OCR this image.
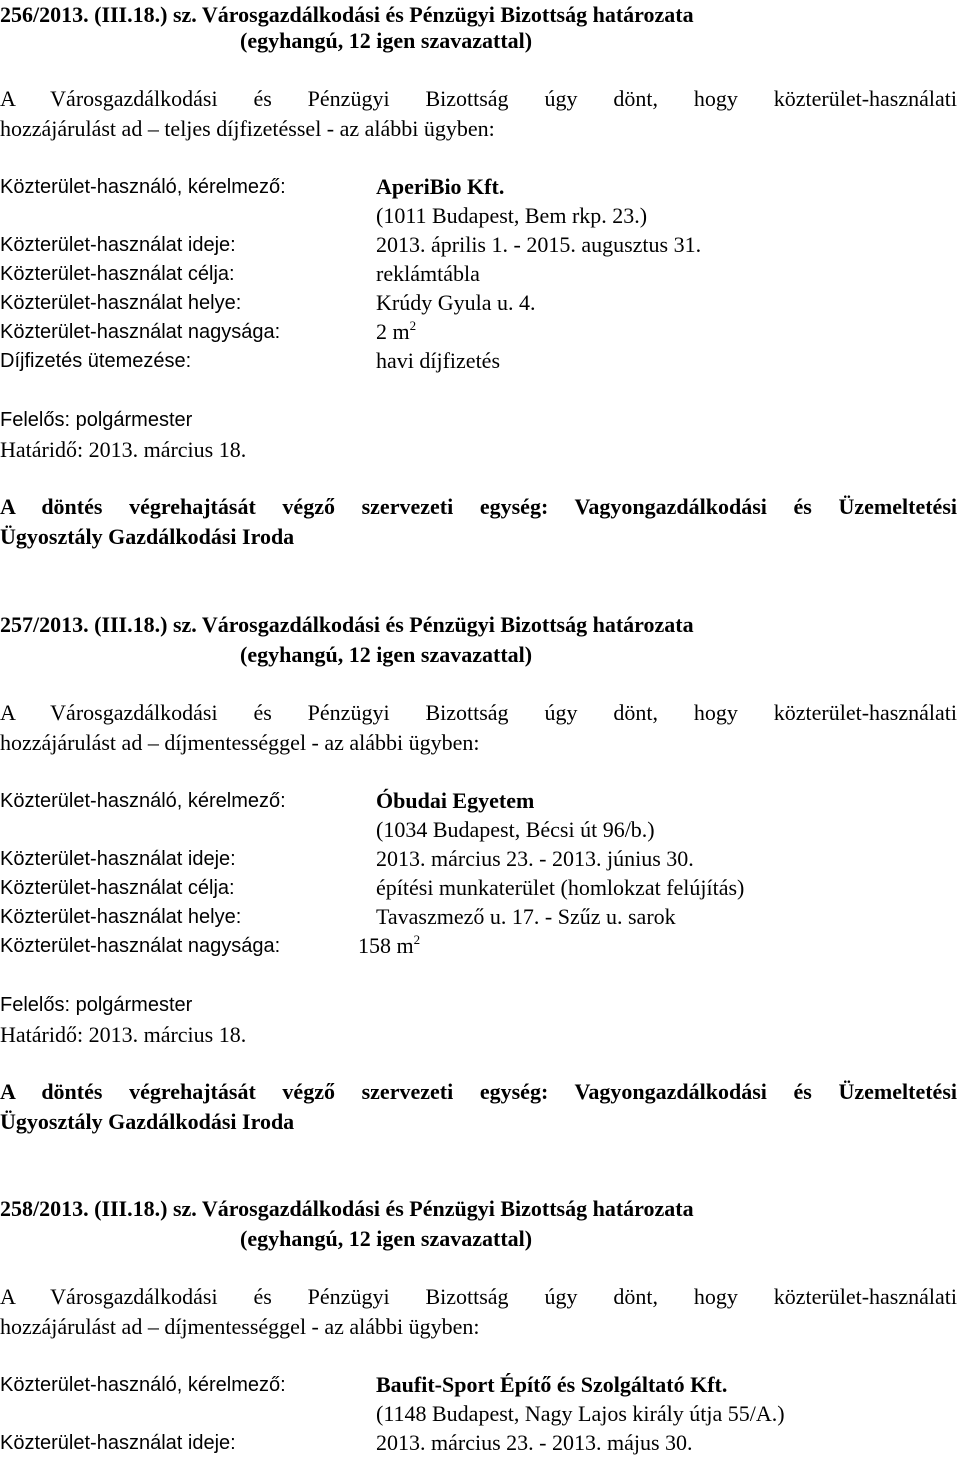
256/2013. (III.18.) sz. Városgazdálkodási és Pénzügyi Bizottság határozata
(egyhangú, 12 igen szavazattal)
A Városgazdálkodási és Pénzügyi Bizottság úgy dönt, hogy közterület-használati
hozzájárulást ad – teljes díjfizetéssel - az alábbi ügyben:
Közterület-használó, kérelmező:	AperiBio Kft.
(1011 Budapest, Bem rkp. 23.)
Közterület-használat ideje:	2013. április 1. - 2015. augusztus 31.
Közterület-használat célja:	reklámtábla
Közterület-használat helye:	Krúdy Gyula u. 4.
Közterület-használat nagysága:	2 $m^2$
Díjfizetés ütemezése:	havi díjfizetés
Felelős: polgármester
Határidő: 2013. március 18.
A döntés végrehajtását végző szervezeti egység: Vagyongazdálkodási és Üzemeltetési
Ügyosztály Gazdálkodási Iroda
257/2013. (III.18.) sz. Városgazdálkodási és Pénzügyi Bizottság határozata
(egyhangú, 12 igen szavazattal)
A Városgazdálkodási és Pénzügyi Bizottság úgy dönt, hogy közterület-használati
hozzájárulást ad – díjmentességgel - az alábbi ügyben:
Közterület-használó, kérelmező:	Óbudai Egyetem
(1034 Budapest, Bécsi út 96/b.)
Közterület-használat ideje:	2013. március 23. - 2013. június 30.
Közterület-használat célja:	építési munkaterület (homlokzat felújítás)
Közterület-használat helye:	Tavaszmező u. 17. - Szűz u. sarok
Közterület-használat nagysága:	158 $m^2$
Felelős: polgármester
Határidő: 2013. március 18.
A döntés végrehajtását végző szervezeti egység: Vagyongazdálkodási és Üzemeltetési
Ügyosztály Gazdálkodási Iroda
258/2013. (III.18.) sz. Városgazdálkodási és Pénzügyi Bizottság határozata
(egyhangú, 12 igen szavazattal)
A Városgazdálkodási és Pénzügyi Bizottság úgy dönt, hogy közterület-használati
hozzájárulást ad – díjmentességgel - az alábbi ügyben:
Közterület-használó, kérelmező:	Baufit-Sport Építő és Szolgáltató Kft.
(1148 Budapest, Nagy Lajos király útja 55/A.)
Közterület-használat ideje:	2013. március 23. - 2013. május 30.
